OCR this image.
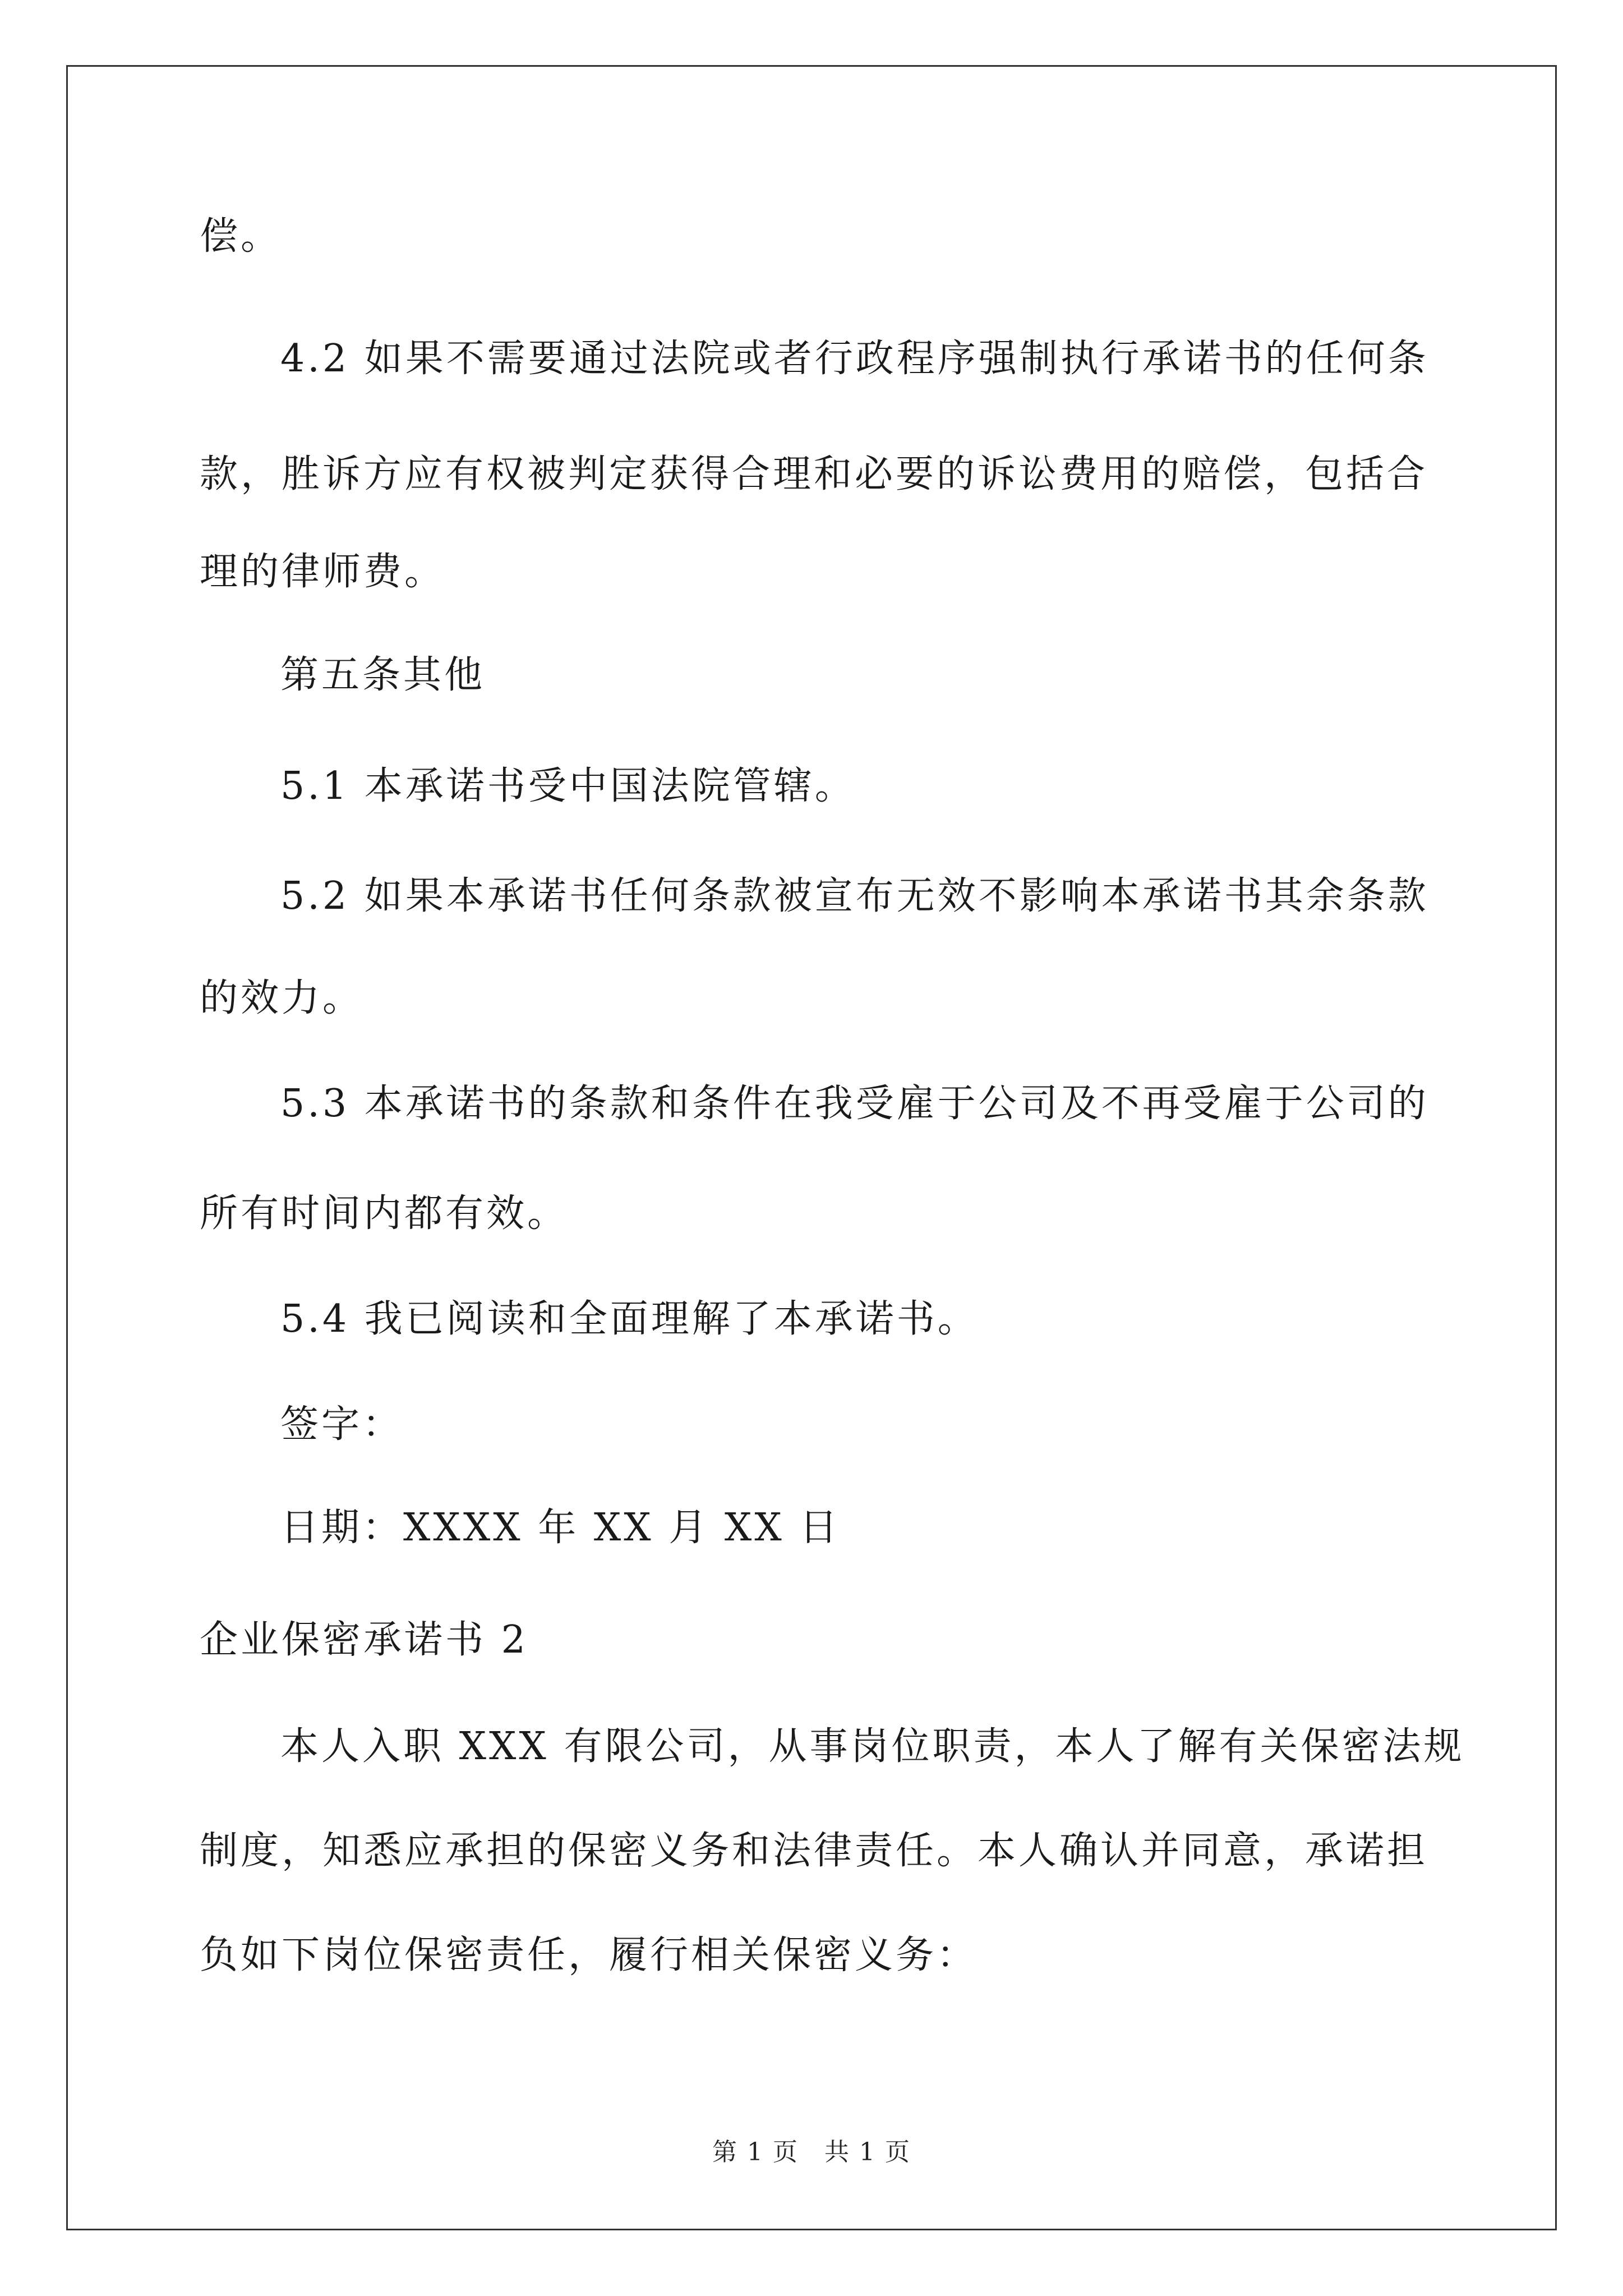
偿。
4.2 如果不需要通过法院或者行政程序强制执行承诺书的任何条
款，胜诉方应有权被判定获得合理和必要的诉讼费用的赔偿，包括合
理的律师费。
第五条其他
5.1 本承诺书受中国法院管辖。
5.2 如果本承诺书任何条款被宣布无效不影响本承诺书其余条款
的效力。
5.3 本承诺书的条款和条件在我受雇于公司及不再受雇于公司的
所有时间内都有效。
5.4 我已阅读和全面理解了本承诺书。
签字：
日期：XXXX 年 XX 月 XX 日
企业保密承诺书 2
本人入职 XXX 有限公司，从事岗位职责，本人了解有关保密法规
制度，知悉应承担的保密义务和法律责任。本人确认并同意，承诺担
负如下岗位保密责任，履行相关保密义务：
第 1 页　共 1 页
